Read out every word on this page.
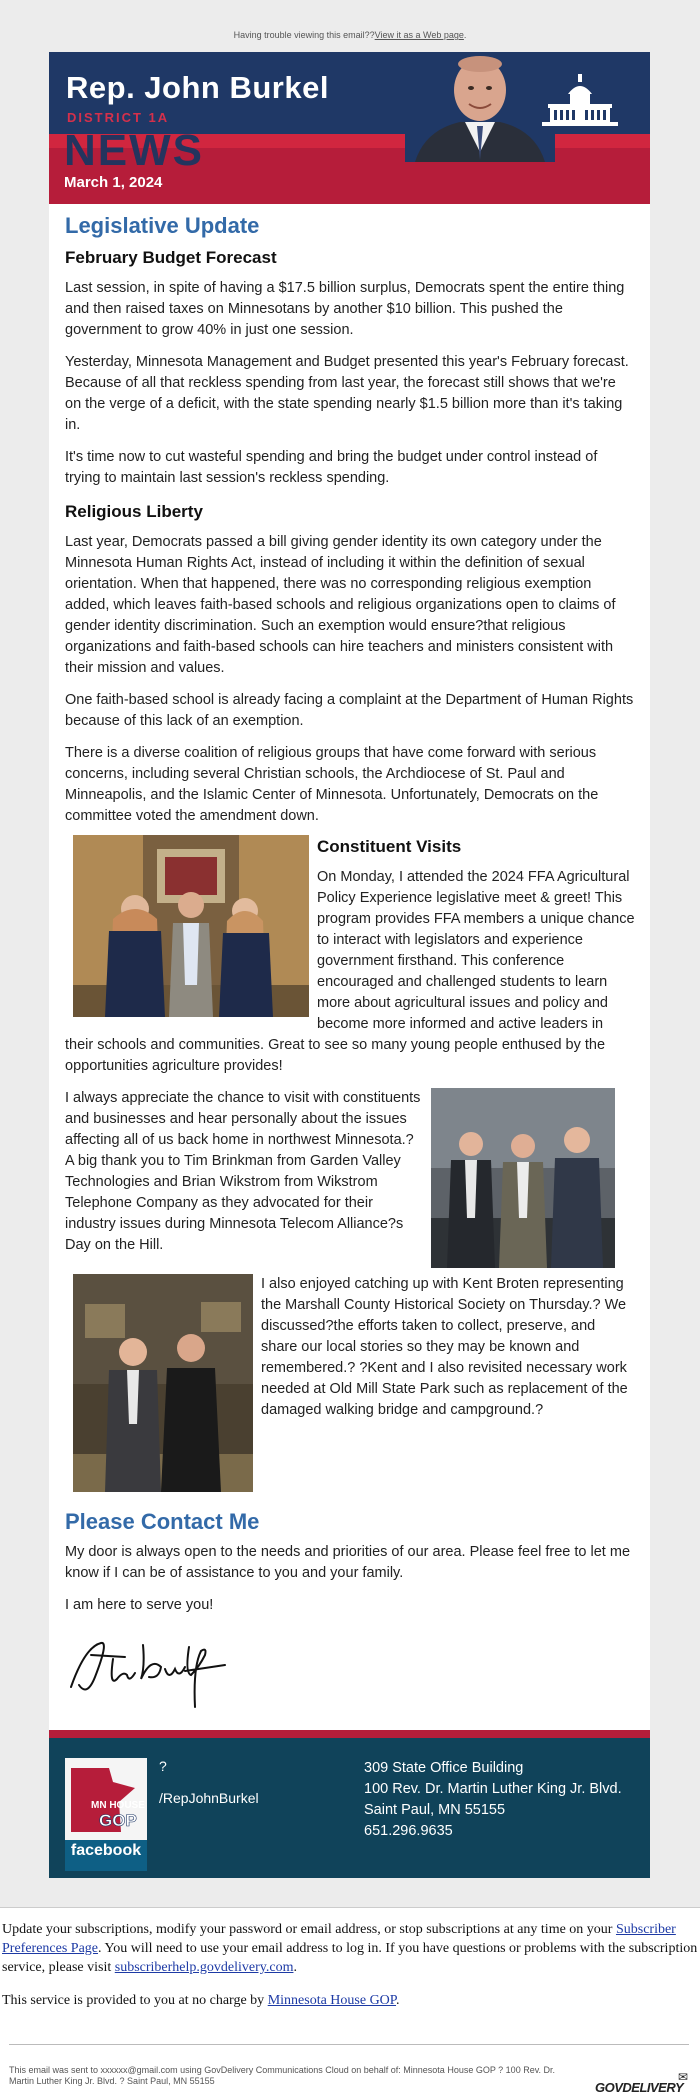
Having trouble viewing this email??View it as a Web page.
Rep. John Burkel
DISTRICT 1A
NEWS
March 1, 2024
Legislative Update
February Budget Forecast

Last session, in spite of having a $17.5 billion surplus, Democrats spent the entire thing and then raised taxes on Minnesotans by another $10 billion. This pushed the government to grow 40% in just one session.

Yesterday, Minnesota Management and Budget presented this year's February forecast. Because of all that reckless spending from last year, the forecast still shows that we're on the verge of a deficit, with the state spending nearly $1.5 billion more than it's taking in.

It's time now to cut wasteful spending and bring the budget under control instead of trying to maintain last session's reckless spending.

Religious Liberty

Last year, Democrats passed a bill giving gender identity its own category under the Minnesota Human Rights Act, instead of including it within the definition of sexual orientation. When that happened, there was no corresponding religious exemption added, which leaves faith-based schools and religious organizations open to claims of gender identity discrimination. Such an exemption would ensure?that religious organizations and faith-based schools can hire teachers and ministers consistent with their mission and values.

One faith-based school is already facing a complaint at the Department of Human Rights because of this lack of an exemption.

There is a diverse coalition of religious groups that have come forward with serious concerns, including several Christian schools, the Archdiocese of St. Paul and Minneapolis, and the Islamic Center of Minnesota. Unfortunately, Democrats on the committee voted the amendment down.

Constituent Visits

On Monday, I attended the 2024 FFA Agricultural Policy Experience legislative meet & greet! This program provides FFA members a unique chance to interact with legislators and experience government firsthand. This conference encouraged and challenged students to learn more about agricultural issues and policy and become more informed and active leaders in their schools and communities. Great to see so many young people enthused by the opportunities agriculture provides!

I always appreciate the chance to visit with constituents and businesses and hear personally about the issues affecting all of us back home in northwest Minnesota.? A big thank you to Tim Brinkman from Garden Valley Technologies and Brian Wikstrom from Wikstrom Telephone Company as they advocated for their industry issues during Minnesota Telecom Alliance?s Day on the Hill.

I also enjoyed catching up with Kent Broten representing the Marshall County Historical Society on Thursday.? We discussed?the efforts taken to collect, preserve, and share our local stories so they may be known and remembered.? ?Kent and I also revisited necessary work needed at Old Mill State Park such as replacement of the damaged walking bridge and campground.?

Please Contact Me

My door is always open to the needs and priorities of our area. Please feel free to let me know if I can be of assistance to you and your family.

I am here to serve you!

MN HOUSE
GOP
facebook
?
/RepJohnBurkel
309 State Office Building
100 Rev. Dr. Martin Luther King Jr. Blvd.
Saint Paul, MN 55155
651.296.9635

Update your subscriptions, modify your password or email address, or stop subscriptions at any time on your Subscriber Preferences Page. You will need to use your email address to log in. If you have questions or problems with the subscription service, please visit subscriberhelp.govdelivery.com.

This service is provided to you at no charge by Minnesota House GOP.

This email was sent to xxxxxx@gmail.com using GovDelivery Communications Cloud on behalf of: Minnesota House GOP ? 100 Rev. Dr. Martin Luther King Jr. Blvd. ? Saint Paul, MN 55155	GOVDELIVERY
✉
